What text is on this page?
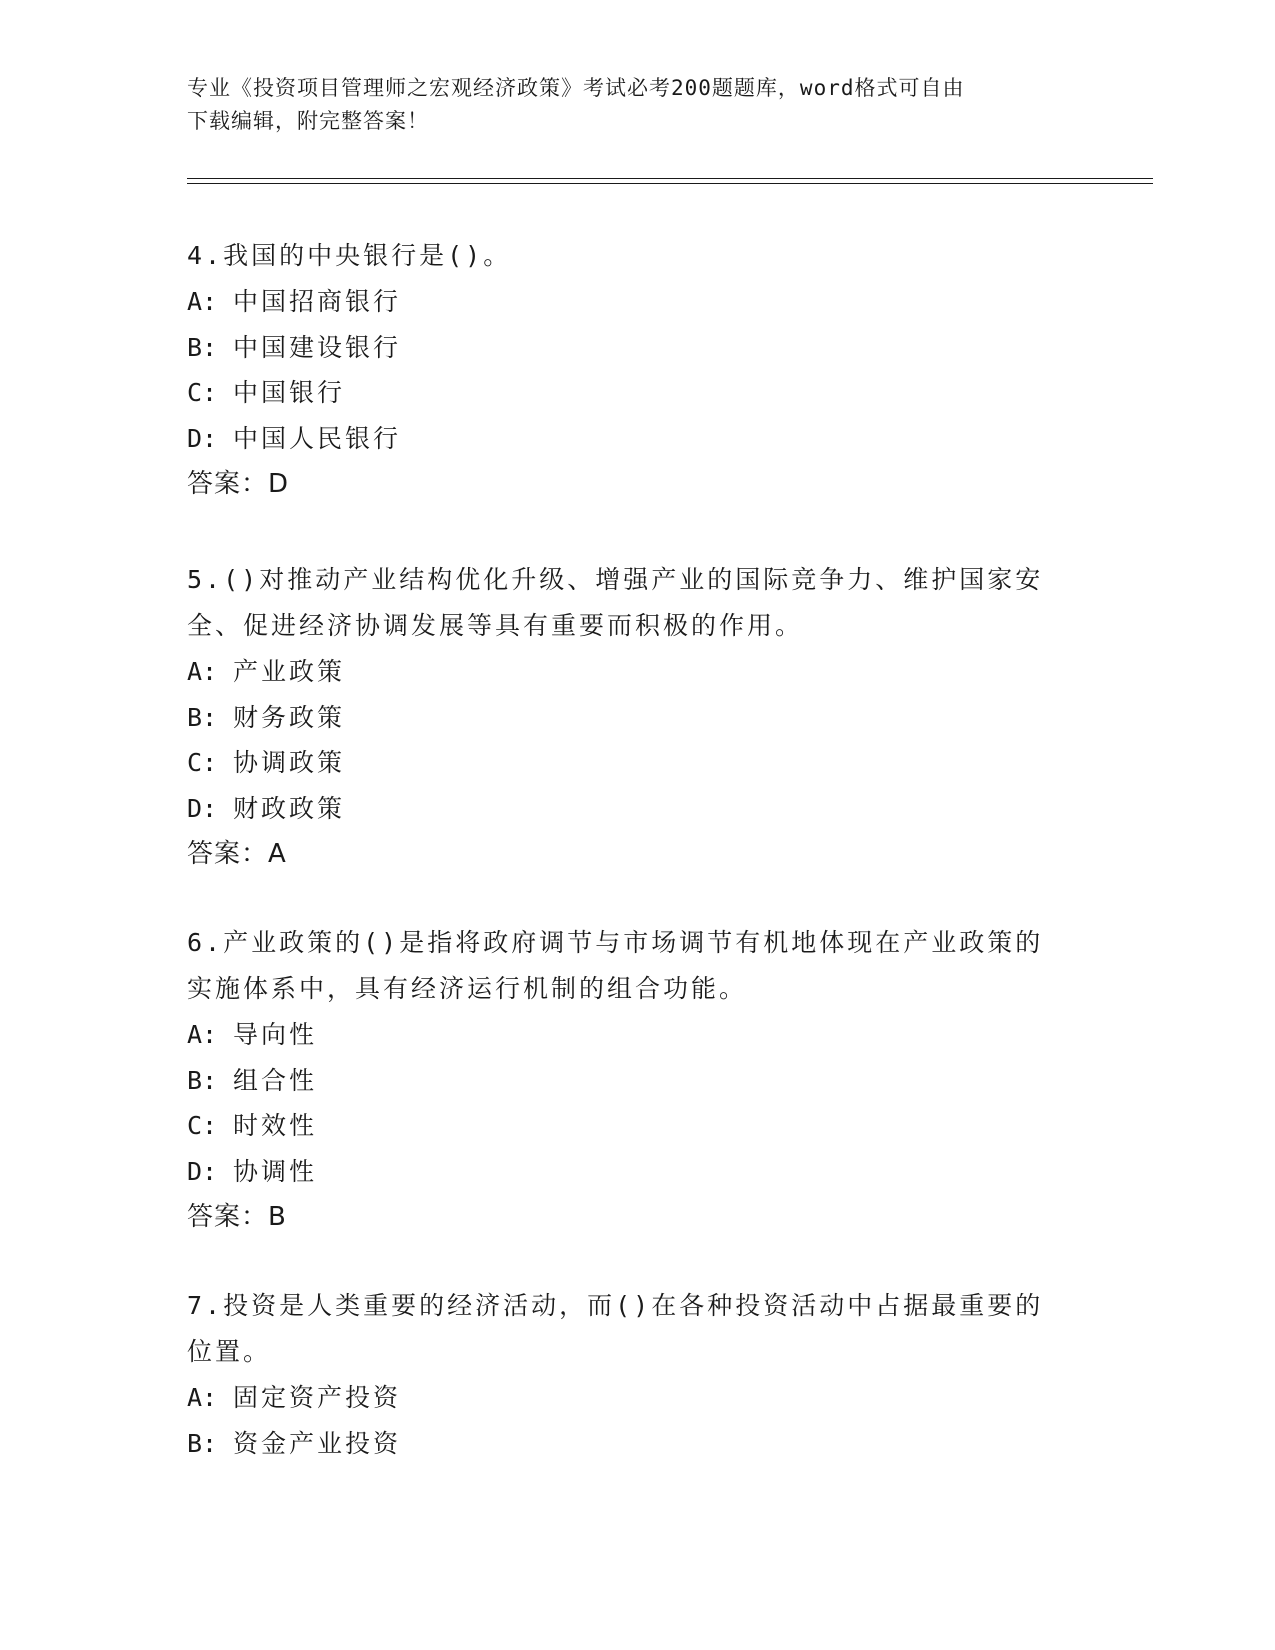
专业《投资项目管理师之宏观经济政策》考试必考200题题库，word格式可自由
下载编辑，附完整答案！

4.我国的中央银行是()。

A: 中国招商银行

B: 中国建设银行

C: 中国银行

D: 中国人民银行

答案：D

5.()对推动产业结构优化升级、增强产业的国际竞争力、维护国家安

全、促进经济协调发展等具有重要而积极的作用。

A: 产业政策

B: 财务政策

C: 协调政策

D: 财政政策

答案：A

6.产业政策的()是指将政府调节与市场调节有机地体现在产业政策的

实施体系中，具有经济运行机制的组合功能。

A: 导向性

B: 组合性

C: 时效性

D: 协调性

答案：B

7.投资是人类重要的经济活动，而()在各种投资活动中占据最重要的

位置。

A: 固定资产投资

B: 资金产业投资
